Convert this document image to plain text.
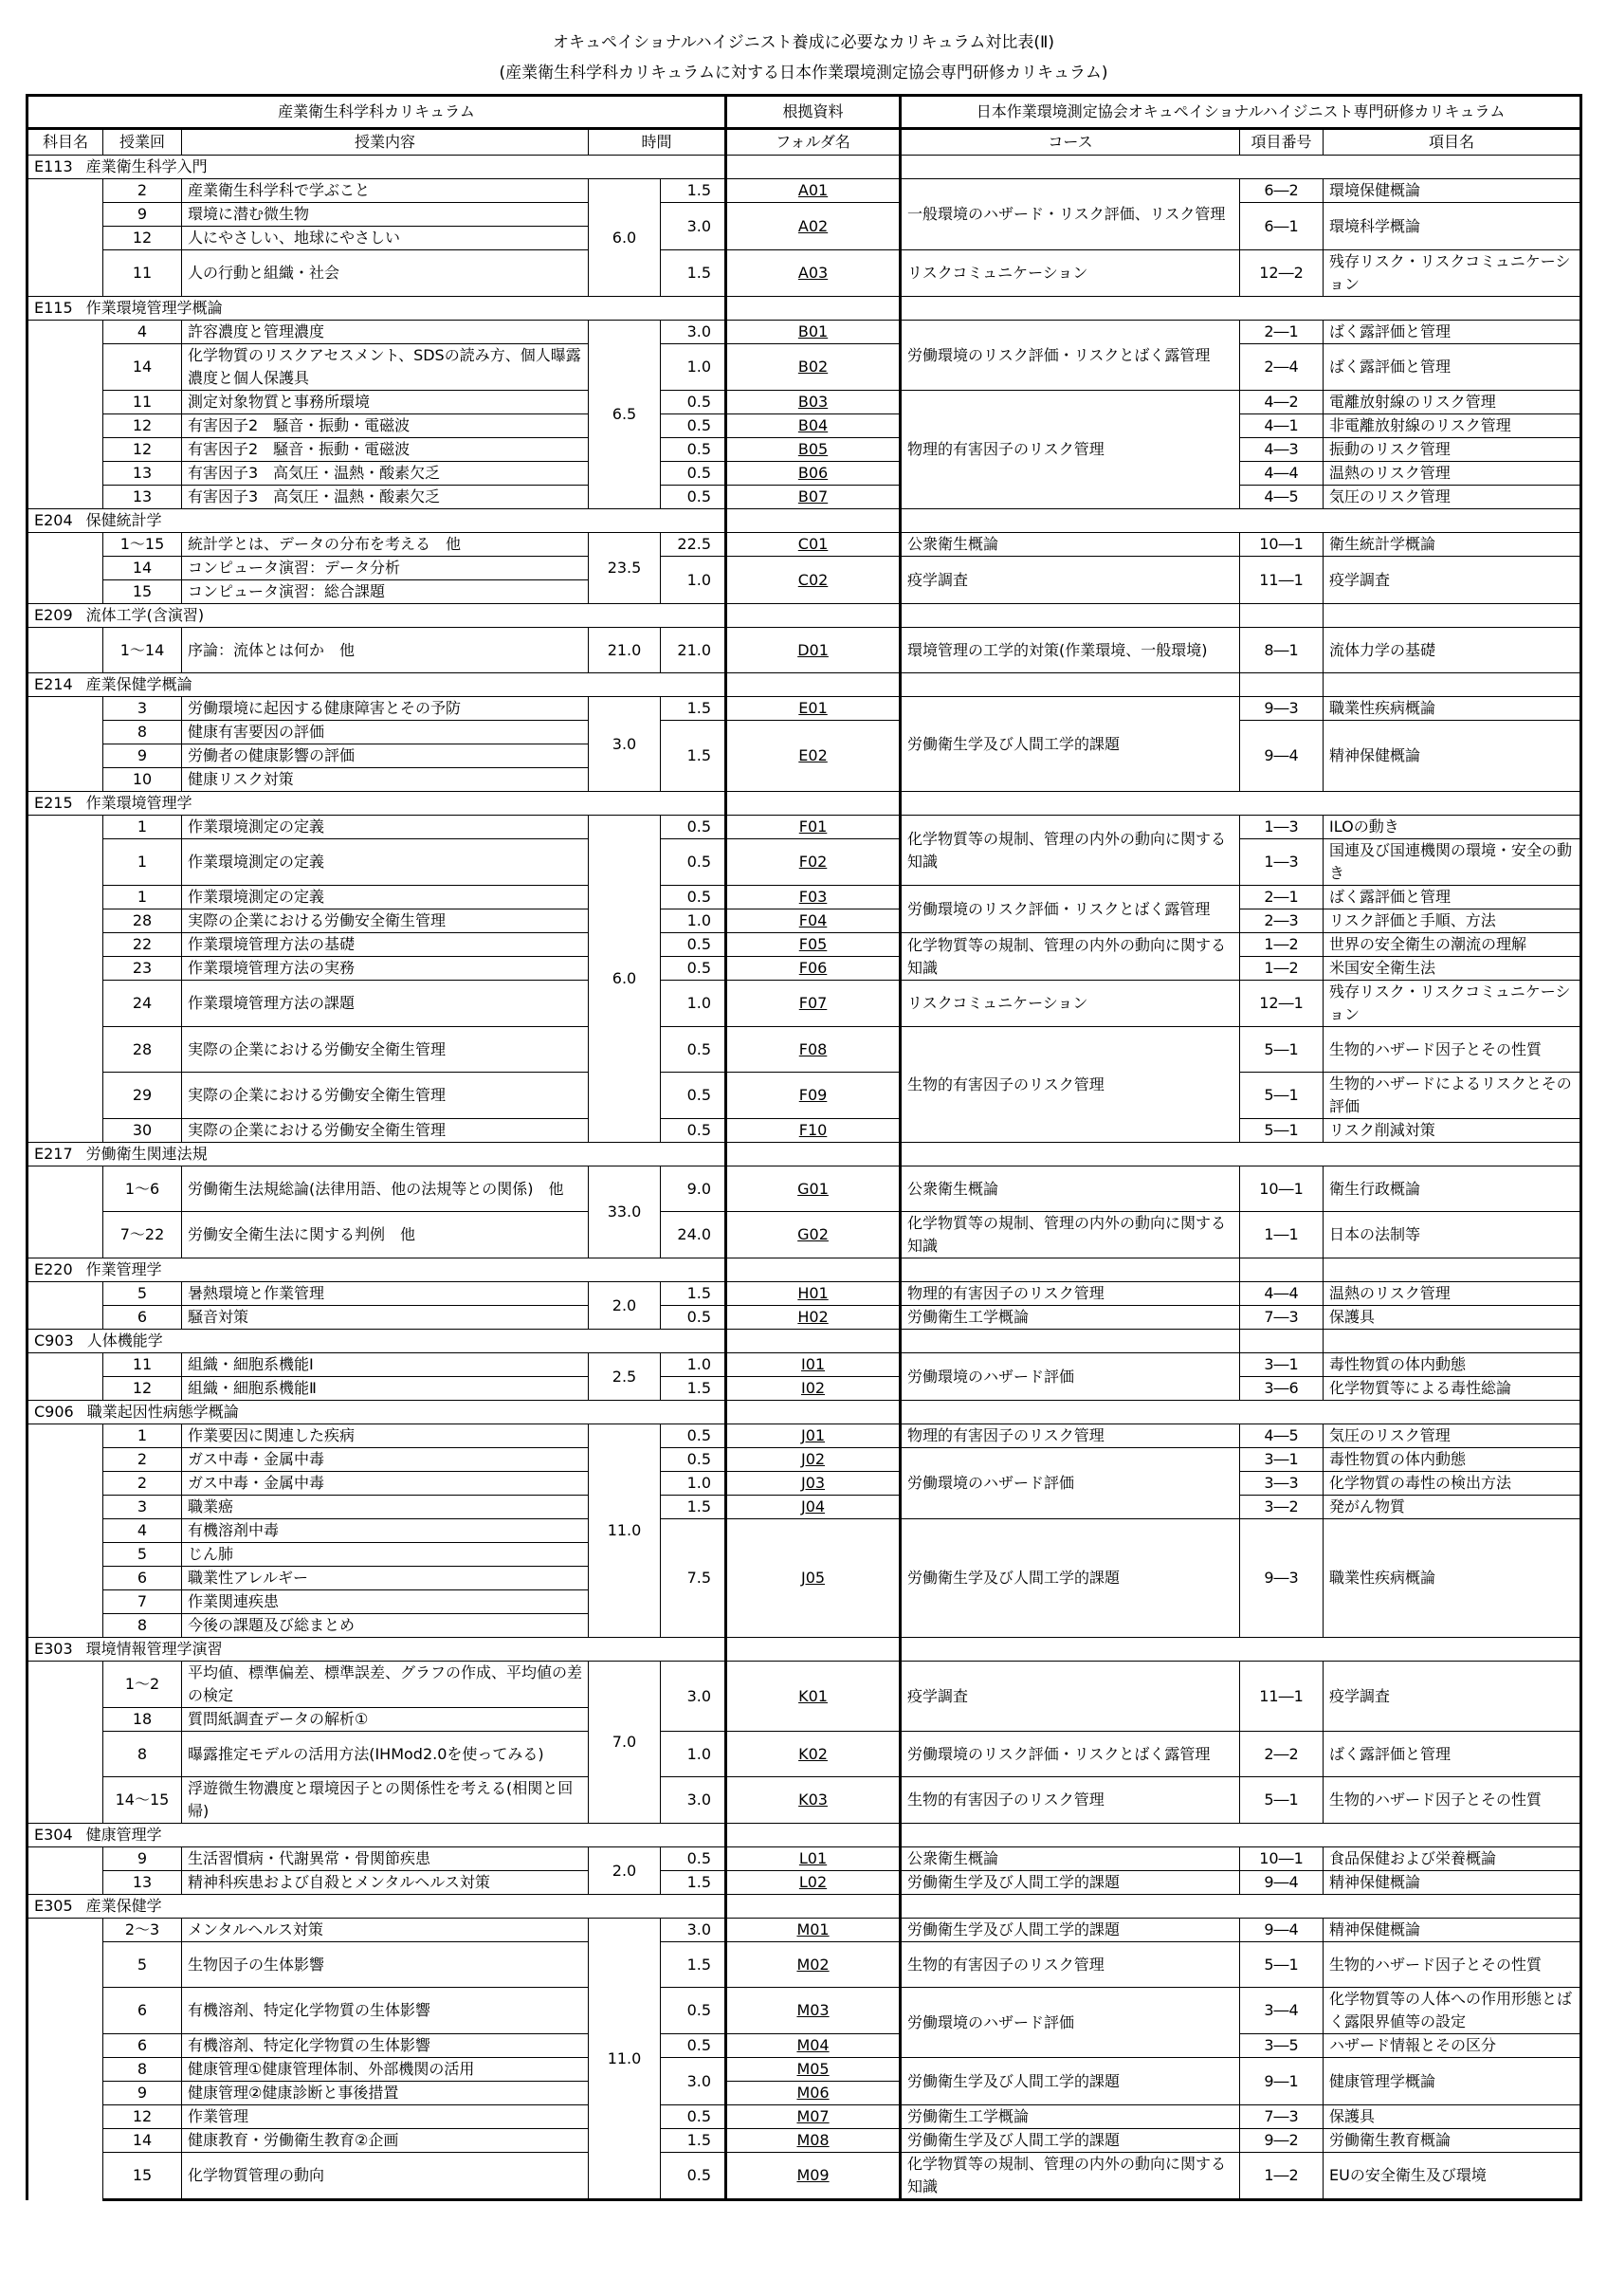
オキュペイショナルハイジニスト養成に必要なカリキュラム対比表(Ⅱ)
(産業衛生科学科カリキュラムに対する日本作業環境測定協会専門研修カリキュラム)
産業衛生科学科カリキュラム					根拠資料	日本作業環境測定協会オキュペイショナルハイジニスト専門研修カリキュラム		
科目名	授業回	授業内容	時間		フォルダ名	コース	項目番号	項目名
E113 産業衛生科学入門								
	2	産業衛生科学科で学ぶこと	6.0	1.5	A01	一般環境のハザード・リスク評価、リスク管理	6―2	環境保健概論
	9	環境に潜む微生物		3.0	A02		6―1	環境科学概論
	12	人にやさしい、地球にやさしい						
	11	人の行動と組織・社会		1.5	A03	リスクコミュニケーション	12―2	残存リスク・リスクコミュニケーション
E115 作業環境管理学概論								
	4	許容濃度と管理濃度	6.5	3.0	B01	労働環境のリスク評価・リスクとばく露管理	2―1	ばく露評価と管理
	14	化学物質のリスクアセスメント、SDSの読み方、個人曝露濃度と個人保護具		1.0	B02		2―4	ばく露評価と管理
	11	測定対象物質と事務所環境		0.5	B03	物理的有害因子のリスク管理	4―2	電離放射線のリスク管理
	12	有害因子2　騒音・振動・電磁波		0.5	B04		4―1	非電離放射線のリスク管理
	12	有害因子2　騒音・振動・電磁波		0.5	B05		4―3	振動のリスク管理
	13	有害因子3　高気圧・温熱・酸素欠乏		0.5	B06		4―4	温熱のリスク管理
	13	有害因子3　高気圧・温熱・酸素欠乏		0.5	B07		4―5	気圧のリスク管理
E204 保健統計学								
	1～15	統計学とは、データの分布を考える　他	23.5	22.5	C01	公衆衛生概論	10―1	衛生統計学概論
	14	コンピュータ演習：データ分析		1.0	C02	疫学調査	11―1	疫学調査
	15	コンピュータ演習：総合課題						
E209 流体工学(含演習)								
	1～14	序論：流体とは何か　他	21.0	21.0	D01	環境管理の工学的対策(作業環境、一般環境)	8―1	流体力学の基礎
E214 産業保健学概論								
	3	労働環境に起因する健康障害とその予防	3.0	1.5	E01	労働衛生学及び人間工学的課題	9―3	職業性疾病概論
	8	健康有害要因の評価		1.5	E02		9―4	精神保健概論
	9	労働者の健康影響の評価						
	10	健康リスク対策						
E215 作業環境管理学								
	1	作業環境測定の定義	6.0	0.5	F01	化学物質等の規制、管理の内外の動向に関する知識	1―3	ILOの動き
	1	作業環境測定の定義		0.5	F02		1―3	国連及び国連機関の環境・安全の動き
	1	作業環境測定の定義		0.5	F03	労働環境のリスク評価・リスクとばく露管理	2―1	ばく露評価と管理
	28	実際の企業における労働安全衛生管理		1.0	F04		2―3	リスク評価と手順、方法
	22	作業環境管理方法の基礎		0.5	F05	化学物質等の規制、管理の内外の動向に関する知識	1―2	世界の安全衛生の潮流の理解
	23	作業環境管理方法の実務		0.5	F06		1―2	米国安全衛生法
	24	作業環境管理方法の課題		1.0	F07	リスクコミュニケーション	12―1	残存リスク・リスクコミュニケーション
	28	実際の企業における労働安全衛生管理		0.5	F08	生物的有害因子のリスク管理	5―1	生物的ハザード因子とその性質
	29	実際の企業における労働安全衛生管理		0.5	F09		5―1	生物的ハザードによるリスクとその評価
	30	実際の企業における労働安全衛生管理		0.5	F10		5―1	リスク削減対策
E217 労働衛生関連法規								
	1～6	労働衛生法規総論(法律用語、他の法規等との関係)　他	33.0	9.0	G01	公衆衛生概論	10―1	衛生行政概論
	7～22	労働安全衛生法に関する判例　他		24.0	G02	化学物質等の規制、管理の内外の動向に関する知識	1―1	日本の法制等
E220 作業管理学								
	5	暑熱環境と作業管理	2.0	1.5	H01	物理的有害因子のリスク管理	4―4	温熱のリスク管理
	6	騒音対策		0.5	H02	労働衛生工学概論	7―3	保護具
C903 人体機能学								
	11	組織・細胞系機能Ⅰ	2.5	1.0	I01	労働環境のハザード評価	3―1	毒性物質の体内動態
	12	組織・細胞系機能Ⅱ		1.5	I02		3―6	化学物質等による毒性総論
C906 職業起因性病態学概論								
	1	作業要因に関連した疾病	11.0	0.5	J01	物理的有害因子のリスク管理	4―5	気圧のリスク管理
	2	ガス中毒・金属中毒		0.5	J02	労働環境のハザード評価	3―1	毒性物質の体内動態
	2	ガス中毒・金属中毒		1.0	J03		3―3	化学物質の毒性の検出方法
	3	職業癌		1.5	J04		3―2	発がん物質
	4	有機溶剤中毒		7.5	J05	労働衛生学及び人間工学的課題	9―3	職業性疾病概論
	5	じん肺						
	6	職業性アレルギー						
	7	作業関連疾患						
	8	今後の課題及び総まとめ						
E303 環境情報管理学演習								
	1～2	平均値、標準偏差、標準誤差、グラフの作成、平均値の差の検定	7.0	3.0	K01	疫学調査	11―1	疫学調査
	18	質問紙調査データの解析①						
	8	曝露推定モデルの活用方法(IHMod2.0を使ってみる)		1.0	K02	労働環境のリスク評価・リスクとばく露管理	2―2	ばく露評価と管理
	14～15	浮遊微生物濃度と環境因子との関係性を考える(相関と回帰)		3.0	K03	生物的有害因子のリスク管理	5―1	生物的ハザード因子とその性質
E304 健康管理学								
	9	生活習慣病・代謝異常・骨関節疾患	2.0	0.5	L01	公衆衛生概論	10―1	食品保健および栄養概論
	13	精神科疾患および自殺とメンタルヘルス対策		1.5	L02	労働衛生学及び人間工学的課題	9―4	精神保健概論
E305 産業保健学								
	2～3	メンタルヘルス対策	11.0	3.0	M01	労働衛生学及び人間工学的課題	9―4	精神保健概論
	5	生物因子の生体影響		1.5	M02	生物的有害因子のリスク管理	5―1	生物的ハザード因子とその性質
	6	有機溶剤、特定化学物質の生体影響		0.5	M03	労働環境のハザード評価	3―4	化学物質等の人体への作用形態とばく露限界値等の設定
	6	有機溶剤、特定化学物質の生体影響		0.5	M04		3―5	ハザード情報とその区分
	8	健康管理①健康管理体制、外部機関の活用		3.0	M05	労働衛生学及び人間工学的課題	9―1	健康管理学概論
	9	健康管理②健康診断と事後措置			M06			
	12	作業管理		0.5	M07	労働衛生工学概論	7―3	保護具
	14	健康教育・労働衛生教育②企画		1.5	M08	労働衛生学及び人間工学的課題	9―2	労働衛生教育概論
	15	化学物質管理の動向		0.5	M09	化学物質等の規制、管理の内外の動向に関する知識	1―2	EUの安全衛生及び環境
